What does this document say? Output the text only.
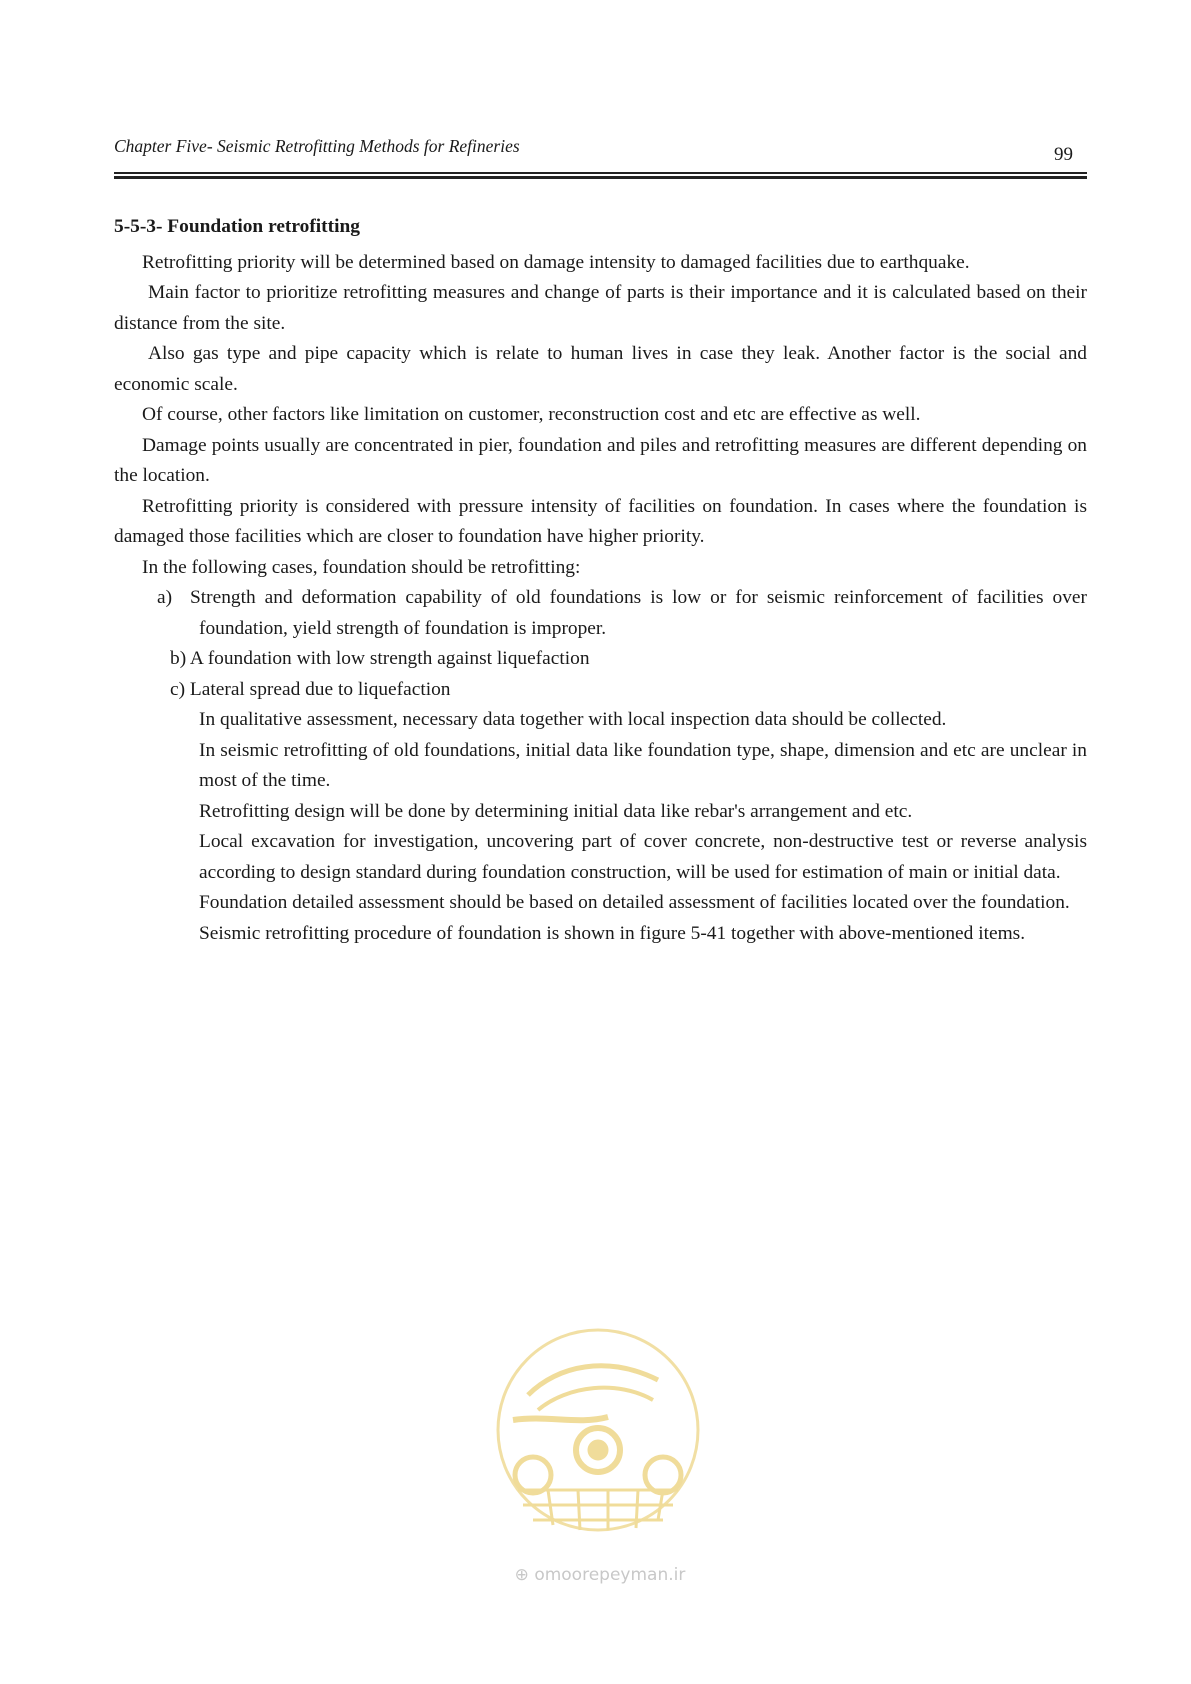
Chapter Five- Seismic Retrofitting Methods for Refineries	99

5-5-3- Foundation retrofitting

Retrofitting priority will be determined based on damage intensity to damaged facilities due to earthquake.

Main factor to prioritize retrofitting measures and change of parts is their importance and it is calculated based on their distance from the site.

Also gas type and pipe capacity which is relate to human lives in case they leak. Another factor is the social and economic scale.

Of course, other factors like limitation on customer, reconstruction cost and etc are effective as well.

Damage points usually are concentrated in pier, foundation and piles and retrofitting measures are different depending on the location.

Retrofitting priority is considered with pressure intensity of facilities on foundation. In cases where the foundation is damaged those facilities which are closer to foundation have higher priority.

In the following cases, foundation should be retrofitting:

a)  Strength and deformation capability of old foundations is low or for seismic reinforcement of facilities over foundation, yield strength of foundation is improper.

b) A foundation with low strength against liquefaction

c) Lateral spread due to liquefaction

In qualitative assessment, necessary data together with local inspection data should be collected.

In seismic retrofitting of old foundations, initial data like foundation type, shape, dimension and etc are unclear in most of the time.

Retrofitting design will be done by determining initial data like rebar's arrangement and etc.

Local excavation for investigation, uncovering part of cover concrete, non-destructive test or reverse analysis according to design standard during foundation construction, will be used for estimation of main or initial data.

Foundation detailed assessment should be based on detailed assessment of facilities located over the foundation.

Seismic retrofitting procedure of foundation is shown in figure 5-41 together with above-mentioned items.

⊕ omoorepeyman.ir
